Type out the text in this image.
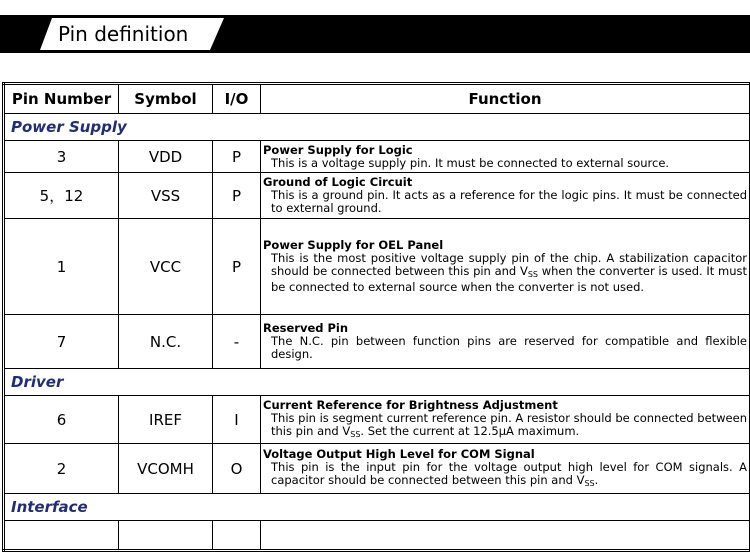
Pin definition
Pin Number	Symbol	I/O	Function
Power Supply			
3	VDD	P	Power Supply for Logic
This is a voltage supply pin. It must be connected to external source.

5，12	VSS	P	Ground of Logic Circuit
This is a ground pin. It acts as a reference for the logic pins. It must be connected to external ground.

1	VCC	P	Power Supply for OEL Panel
This is the most positive voltage supply pin of the chip. A stabilization capacitor should be connected between this pin and $V_{SS}$ when the converter is used. It must be connected to external source when the converter is not used.

7	N.C.	-	Reserved Pin
The N.C. pin between function pins are reserved for compatible and flexible design.

Driver			
6	IREF	I	Current Reference for Brightness Adjustment
This pin is segment current reference pin. A resistor should be connected between this pin and $V_{SS}$. Set the current at 12.5μA maximum.

2	VCOMH	O	Voltage Output High Level for COM Signal
This pin is the input pin for the voltage output high level for COM signals. A capacitor should be connected between this pin and $V_{SS}$.

Interface			
